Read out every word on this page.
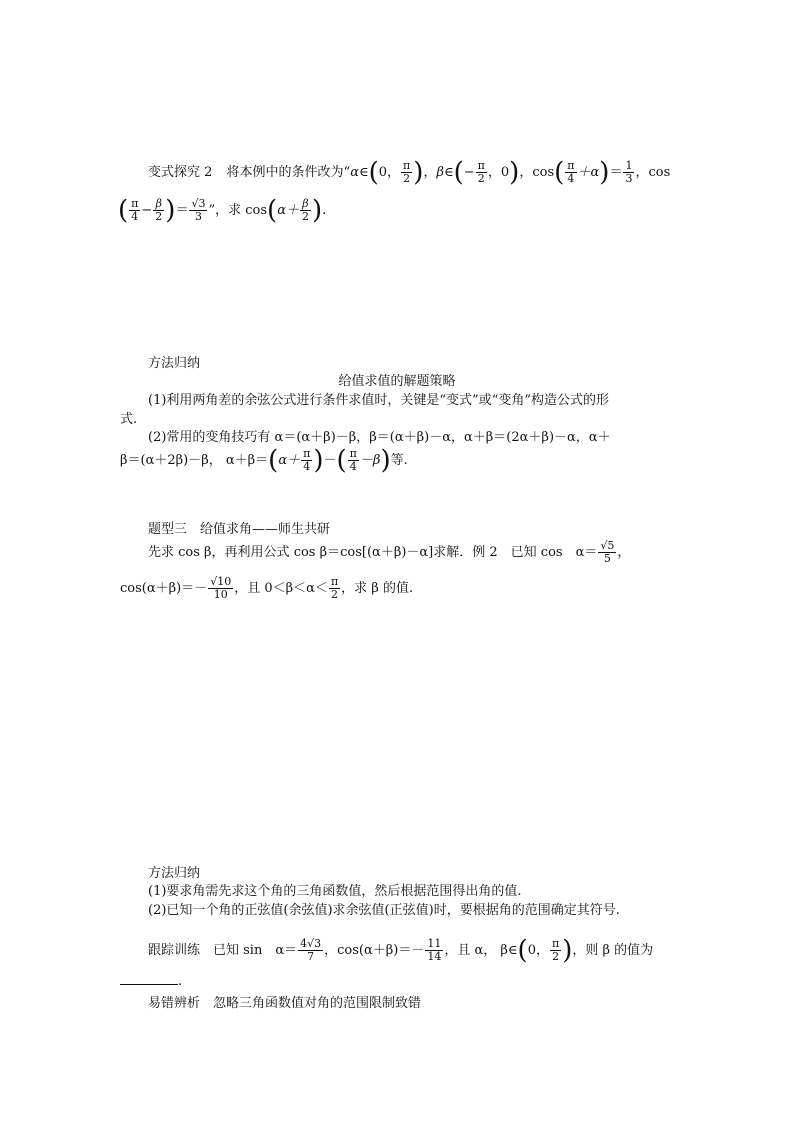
变式探究 2 将本例中的条件改为“α∈(0， $\frac{\pi}{2}$ )，β∈(− $\frac{\pi}{2}$ ，0)，$\cos( \frac{\pi}{4} +\alpha)= \frac{1}{3}$ ，cos
( $\frac{\pi}{4} - \frac{\beta}{2}$ )＝ $\frac{√3}{3}$ ”，求 $\cos(\alpha+ \frac{\beta}{2}$ ).
方法归纳
给值求值的解题策略
(1)利用两角差的余弦公式进行条件求值时，关键是“变式”或“变角”构造公式的形
式.
(2)常用的变角技巧有 α＝(α＋β)－β，β＝(α＋β)－α，α＋β＝(2α＋β)－α，α＋
β＝(α＋2β)－β， $\alpha+\beta=(\alpha+ \frac{\pi}{4}$ )－( $\frac{\pi}{4} -\beta$)等.
题型三　给值求角——师生共研
先求 cos β，再利用公式 cos β＝cos[(α＋β)－α]求解．例 2　已知 cos　$\alpha= \frac{√5}{5}$ ，
$\cos(\alpha+\beta)=- \frac{√10}{10}$ ，且 $0<\beta<\alpha< \frac{\pi}{2}$ ，求 β 的值.
方法归纳
(1)要求角需先求这个角的三角函数值，然后根据范围得出角的值.
(2)已知一个角的正弦值(余弦值)求余弦值(正弦值)时，要根据角的范围确定其符号.
跟踪训练　已知 sin　$\alpha= \frac{4√3}{7}$ ，$\cos(\alpha+\beta)=- \frac{11}{14}$ ，且 α， β∈(0， $\frac{\pi}{2}$ )，则 β 的值为
.
易错辨析　忽略三角函数值对角的范围限制致错
